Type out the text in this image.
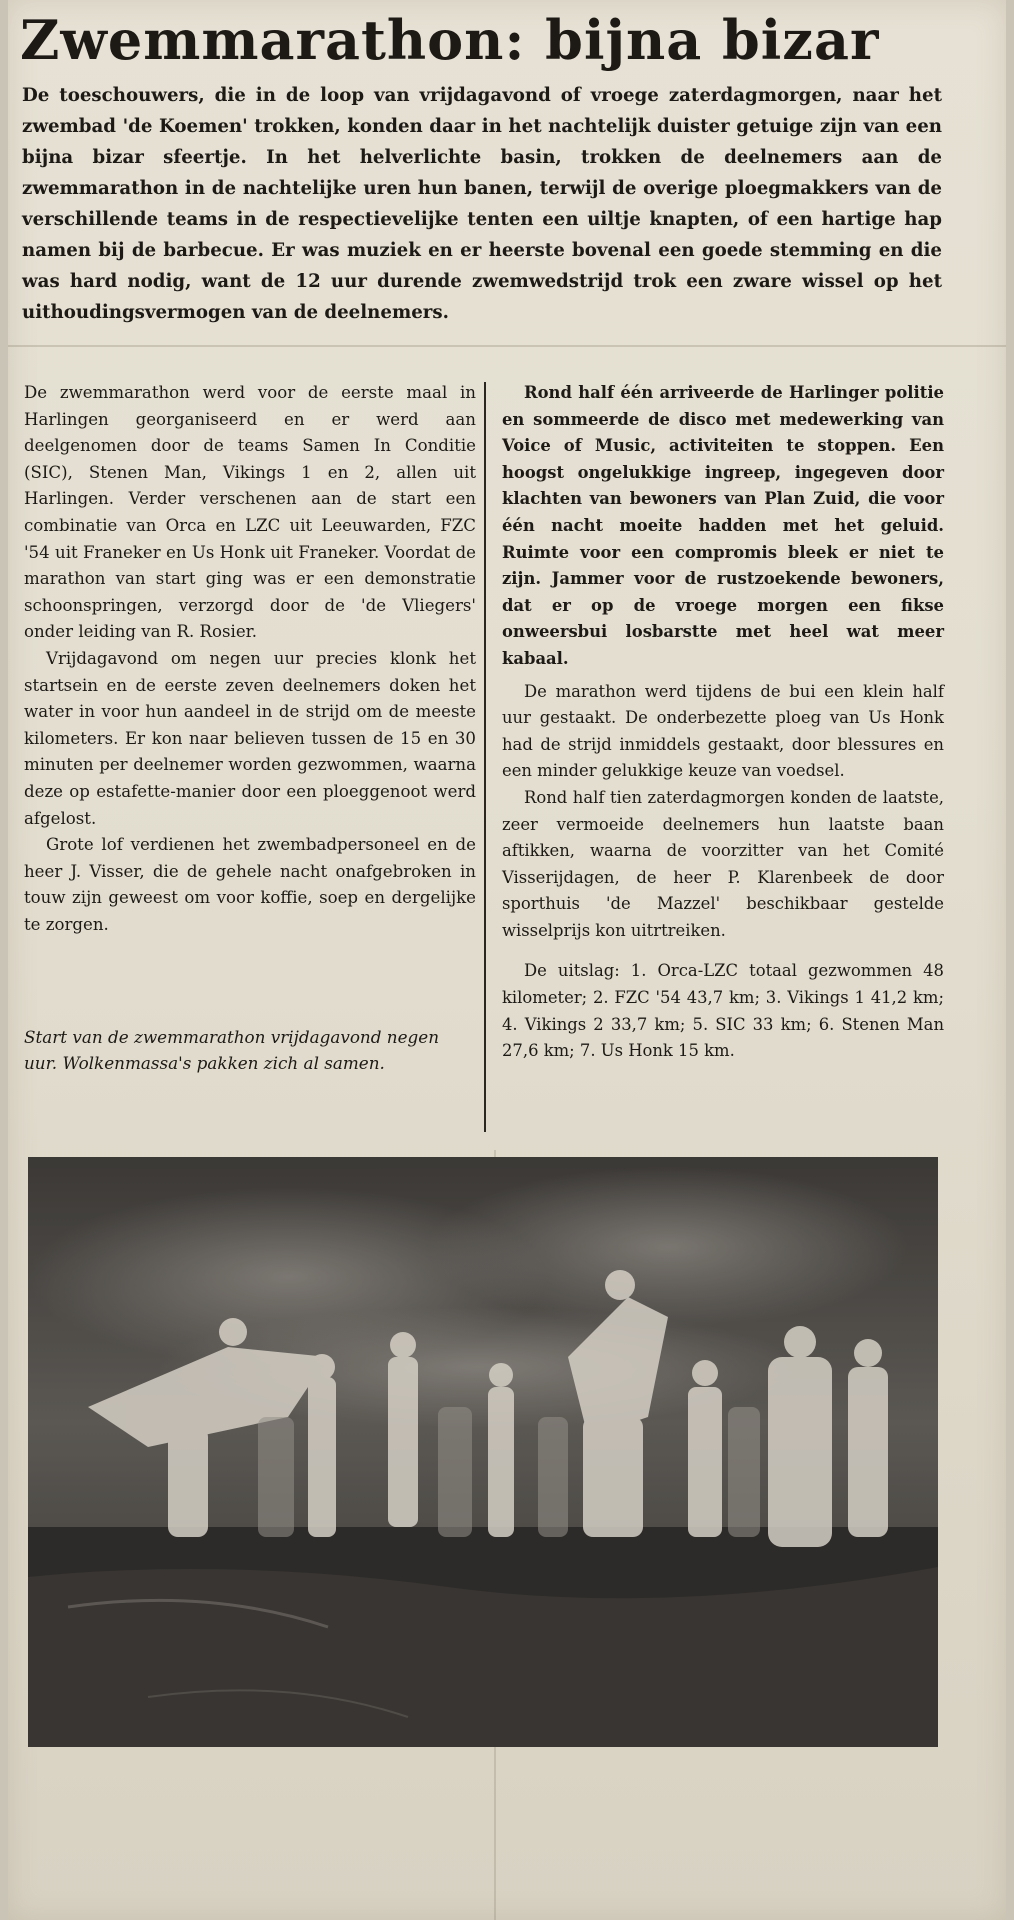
Zwemmarathon: bijna bizar
De toeschouwers, die in de loop van vrijdagavond of vroege zaterdagmorgen, naar het zwembad 'de Koemen' trokken, konden daar in het nachtelijk duister getuige zijn van een bijna bizar sfeertje. In het helverlichte basin, trokken de deelnemers aan de zwemmarathon in de nachtelijke uren hun banen, terwijl de overige ploegmakkers van de verschillende teams in de respectievelijke tenten een uiltje knapten, of een hartige hap namen bij de barbecue. Er was muziek en er heerste bovenal een goede stemming en die was hard nodig, want de 12 uur durende zwemwedstrijd trok een zware wissel op het uithoudingsvermogen van de deelnemers.

De zwemmarathon werd voor de eerste maal in Harlingen georganiseerd en er werd aan deelgenomen door de teams Samen In Conditie (SIC), Stenen Man, Vikings 1 en 2, allen uit Harlingen. Verder verschenen aan de start een combinatie van Orca en LZC uit Leeuwarden, FZC '54 uit Franeker en Us Honk uit Franeker. Voordat de marathon van start ging was er een demonstratie schoonspringen, verzorgd door de 'de Vliegers' onder leiding van R. Rosier.

Vrijdagavond om negen uur precies klonk het startsein en de eerste zeven deelnemers doken het water in voor hun aandeel in de strijd om de meeste kilometers. Er kon naar believen tussen de 15 en 30 minuten per deelnemer worden gezwommen, waarna deze op estafette-manier door een ploeggenoot werd afgelost.

Grote lof verdienen het zwembadpersoneel en de heer J. Visser, die de gehele nacht onafgebroken in touw zijn geweest om voor koffie, soep en dergelijke te zorgen.

Rond half één arriveerde de Harlinger politie en sommeerde de disco met medewerking van Voice of Music, activiteiten te stoppen. Een hoogst ongelukkige ingreep, ingegeven door klachten van bewoners van Plan Zuid, die voor één nacht moeite hadden met het geluid. Ruimte voor een compromis bleek er niet te zijn. Jammer voor de rustzoekende bewoners, dat er op de vroege morgen een fikse onweersbui losbarstte met heel wat meer kabaal.

De marathon werd tijdens de bui een klein half uur gestaakt. De onderbezette ploeg van Us Honk had de strijd inmiddels gestaakt, door blessures en een minder gelukkige keuze van voedsel.

Rond half tien zaterdagmorgen konden de laatste, zeer vermoeide deelnemers hun laatste baan aftikken, waarna de voorzitter van het Comité Visserijdagen, de heer P. Klarenbeek de door sporthuis 'de Mazzel' beschikbaar gestelde wisselprijs kon uitrtreiken.

De uitslag: 1. Orca-LZC totaal gezwommen 48 kilometer; 2. FZC '54 43,7 km; 3. Vikings 1 41,2 km; 4. Vikings 2 33,7 km; 5. SIC 33 km; 6. Stenen Man 27,6 km; 7. Us Honk 15 km.

Start van de zwemmarathon vrijdagavond negen uur. Wolkenmassa's pakken zich al samen.
